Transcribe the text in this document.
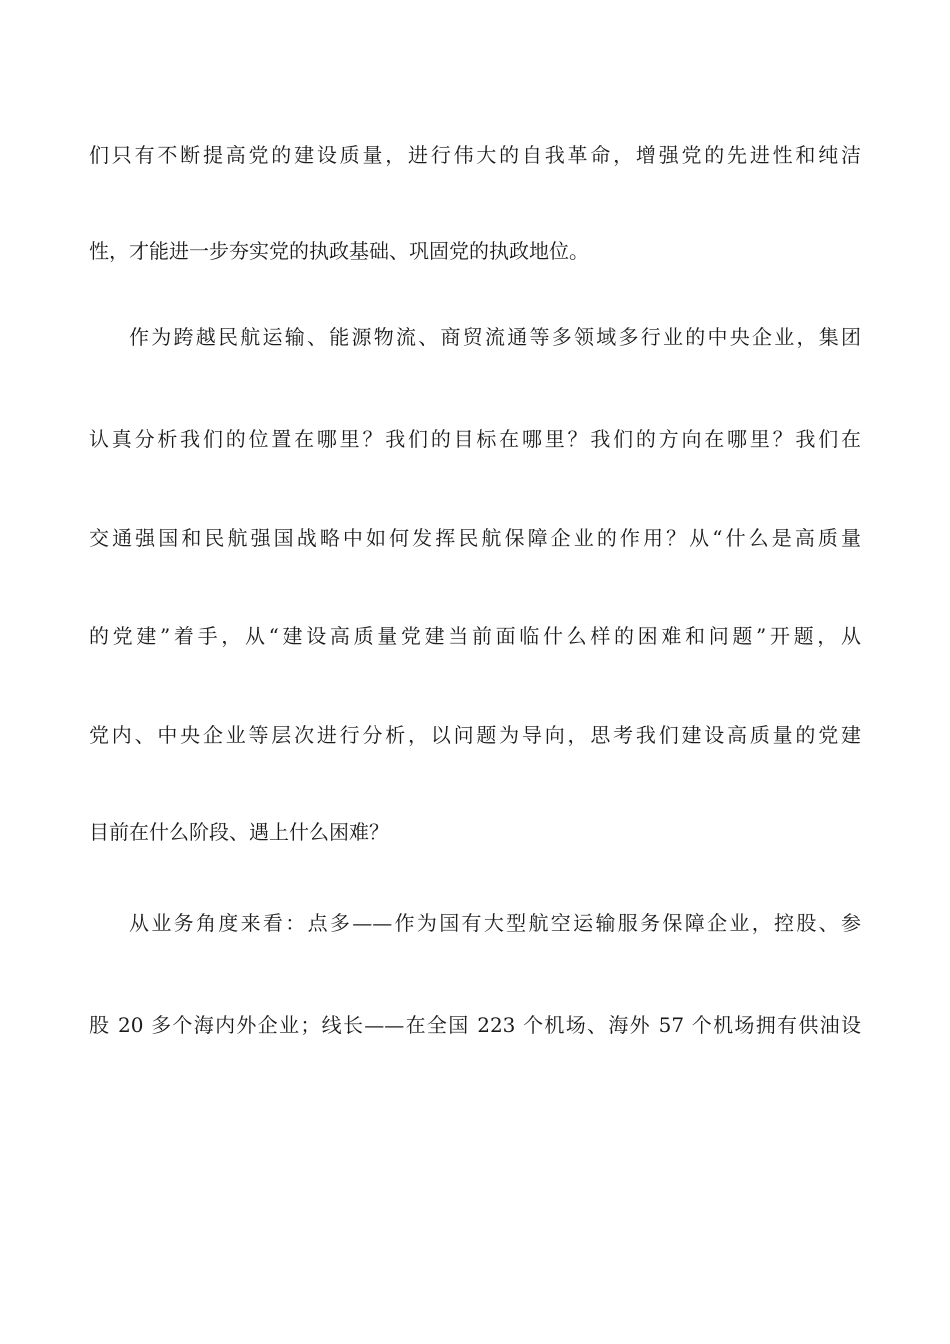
们只有不断提高党的建设质量，进行伟大的自我革命，增强党的先进性和纯洁
性，才能进一步夯实党的执政基础、巩固党的执政地位。
作为跨越民航运输、能源物流、商贸流通等多领域多行业的中央企业，集团
认真分析我们的位置在哪里？我们的目标在哪里？我们的方向在哪里？我们在
交通强国和民航强国战略中如何发挥民航保障企业的作用？从“什么是高质量
的党建”着手，从“建设高质量党建当前面临什么样的困难和问题”开题，从
党内、中央企业等层次进行分析，以问题为导向，思考我们建设高质量的党建
目前在什么阶段、遇上什么困难？
从业务角度来看：点多——作为国有大型航空运输服务保障企业，控股、参
股 20 多个海内外企业；线长——在全国 223 个机场、海外 57 个机场拥有供油设
